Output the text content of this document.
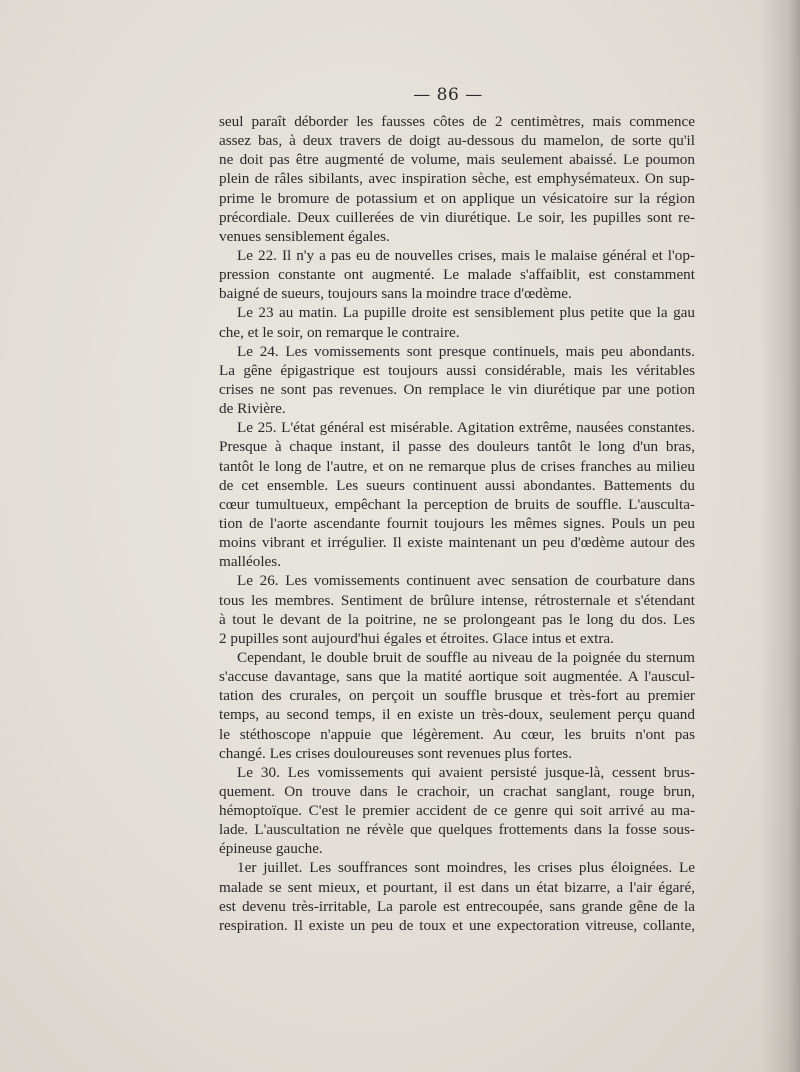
— 86 —
seul paraît déborder les fausses côtes de 2 centimètres, mais commence
assez bas, à deux travers de doigt au-dessous du mamelon, de sorte qu'il
ne doit pas être augmenté de volume, mais seulement abaissé. Le poumon
plein de râles sibilants, avec inspiration sèche, est emphysémateux. On sup-
prime le bromure de potassium et on applique un vésicatoire sur la région
précordiale. Deux cuillerées de vin diurétique. Le soir, les pupilles sont re-
venues sensiblement égales.
Le 22. Il n'y a pas eu de nouvelles crises, mais le malaise général et l'op-
pression constante ont augmenté. Le malade s'affaiblit, est constamment
baigné de sueurs, toujours sans la moindre trace d'œdème.
Le 23 au matin. La pupille droite est sensiblement plus petite que la gau
che, et le soir, on remarque le contraire.
Le 24. Les vomissements sont presque continuels, mais peu abondants.
La gêne épigastrique est toujours aussi considérable, mais les véritables
crises ne sont pas revenues. On remplace le vin diurétique par une potion
de Rivière.
Le 25. L'état général est misérable. Agitation extrême, nausées constantes.
Presque à chaque instant, il passe des douleurs tantôt le long d'un bras,
tantôt le long de l'autre, et on ne remarque plus de crises franches au milieu
de cet ensemble. Les sueurs continuent aussi abondantes. Battements du
cœur tumultueux, empêchant la perception de bruits de souffle. L'ausculta-
tion de l'aorte ascendante fournit toujours les mêmes signes. Pouls un peu
moins vibrant et irrégulier. Il existe maintenant un peu d'œdème autour des
malléoles.
Le 26. Les vomissements continuent avec sensation de courbature dans
tous les membres. Sentiment de brûlure intense, rétrosternale et s'étendant
à tout le devant de la poitrine, ne se prolongeant pas le long du dos. Les
2 pupilles sont aujourd'hui égales et étroites. Glace intus et extra.
Cependant, le double bruit de souffle au niveau de la poignée du sternum
s'accuse davantage, sans que la matité aortique soit augmentée. A l'auscul-
tation des crurales, on perçoit un souffle brusque et très-fort au premier
temps, au second temps, il en existe un très-doux, seulement perçu quand
le stéthoscope n'appuie que légèrement. Au cœur, les bruits n'ont pas
changé. Les crises douloureuses sont revenues plus fortes.
Le 30. Les vomissements qui avaient persisté jusque-là, cessent brus-
quement. On trouve dans le crachoir, un crachat sanglant, rouge brun,
hémoptoïque. C'est le premier accident de ce genre qui soit arrivé au ma-
lade. L'auscultation ne révèle que quelques frottements dans la fosse sous-
épineuse gauche.
1er juillet. Les souffrances sont moindres, les crises plus éloignées. Le
malade se sent mieux, et pourtant, il est dans un état bizarre, a l'air égaré,
est devenu très-irritable, La parole est entrecoupée, sans grande gêne de la
respiration. Il existe un peu de toux et une expectoration vitreuse, collante,
